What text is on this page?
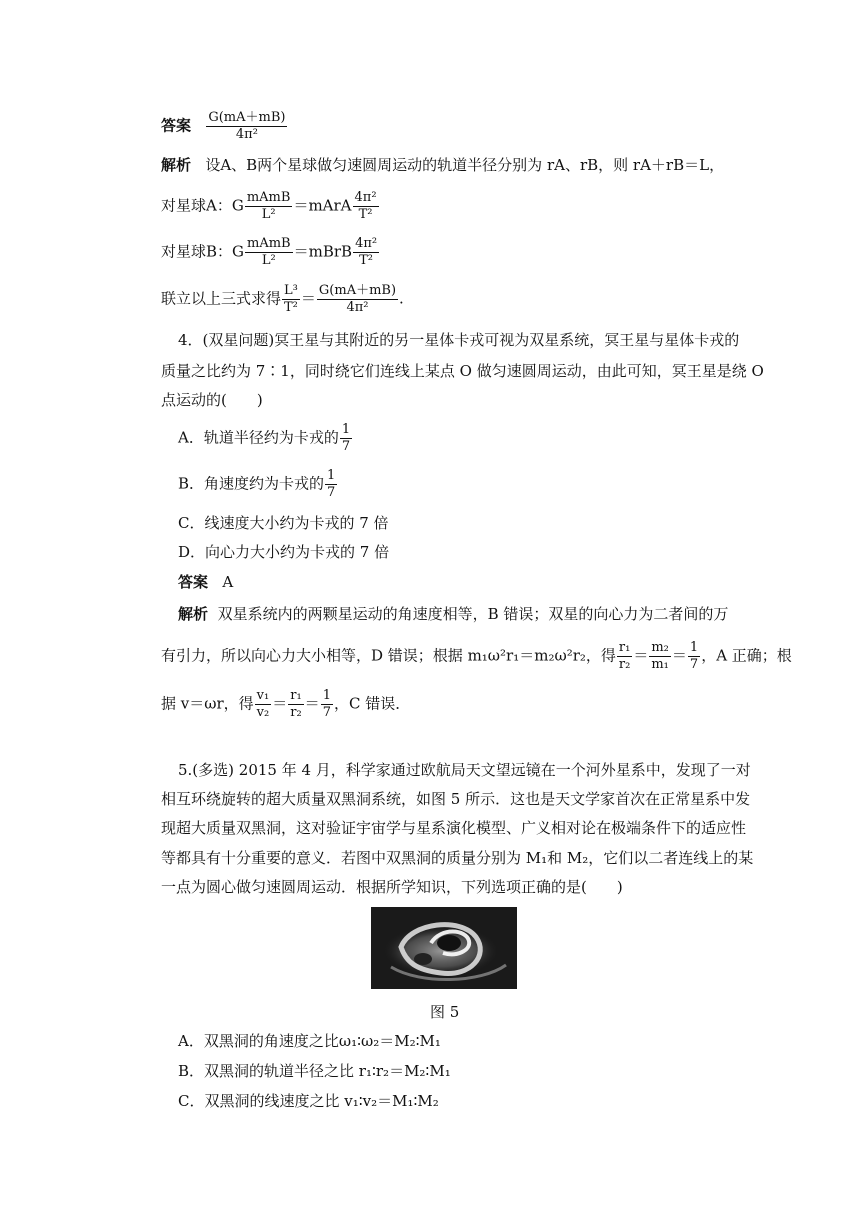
答案 $\frac{G(mA+mB)}{\text{4π²}}$
解析 设A、B两个星球做匀速圆周运动的轨道半径分别为 rA、rB，则 rA＋rB＝L，
对星球A：G $\frac{\text{mAmB}}{\text{L²}}$ ＝mArA $\frac{\text{4π²}}{\text{T²}}$
对星球B：G $\frac{\text{mAmB}}{\text{L²}}$ ＝mBrB $\frac{\text{4π²}}{\text{T²}}$
联立以上三式求得 $\frac{\text{L³}}{\text{T²}} = \frac{G(mA+mB)}{\text{4π²}}$ .
4．(双星问题)冥王星与其附近的另一星体卡戎可视为双星系统，冥王星与星体卡戎的
质量之比约为 7∶1，同时绕它们连线上某点 O 做匀速圆周运动，由此可知，冥王星是绕 O
点运动的(　　)
A．轨道半径约为卡戎的 $\frac{1}{7}$
B．角速度约为卡戎的 $\frac{1}{7}$
C．线速度大小约为卡戎的 7 倍
D．向心力大小约为卡戎的 7 倍
答案 A
解析 双星系统内的两颗星运动的角速度相等，B 错误；双星的向心力为二者间的万
有引力，所以向心力大小相等，D 错误；根据 m₁ω²r₁＝m₂ω²r₂，得 $\frac{\text{r₁}}{\text{r₂}} = \frac{\text{m₂}}{\text{m₁}} = \frac{1}{7}$ ，A 正确；根
据 v＝ωr，得 $\frac{\text{v₁}}{\text{v₂}} = \frac{\text{r₁}}{\text{r₂}} = \frac{1}{7}$ ，C 错误．
5.(多选) 2015 年 4 月，科学家通过欧航局天文望远镜在一个河外星系中，发现了一对
相互环绕旋转的超大质量双黑洞系统，如图 5 所示．这也是天文学家首次在正常星系中发
现超大质量双黑洞，这对验证宇宙学与星系演化模型、广义相对论在极端条件下的适应性
等都具有十分重要的意义．若图中双黑洞的质量分别为 M₁和 M₂，它们以二者连线上的某
一点为圆心做匀速圆周运动．根据所学知识，下列选项正确的是(　　)
图 5
A．双黑洞的角速度之比ω₁∶ω₂＝M₂∶M₁
B．双黑洞的轨道半径之比 r₁∶r₂＝M₂∶M₁
C．双黑洞的线速度之比 v₁∶v₂＝M₁∶M₂
